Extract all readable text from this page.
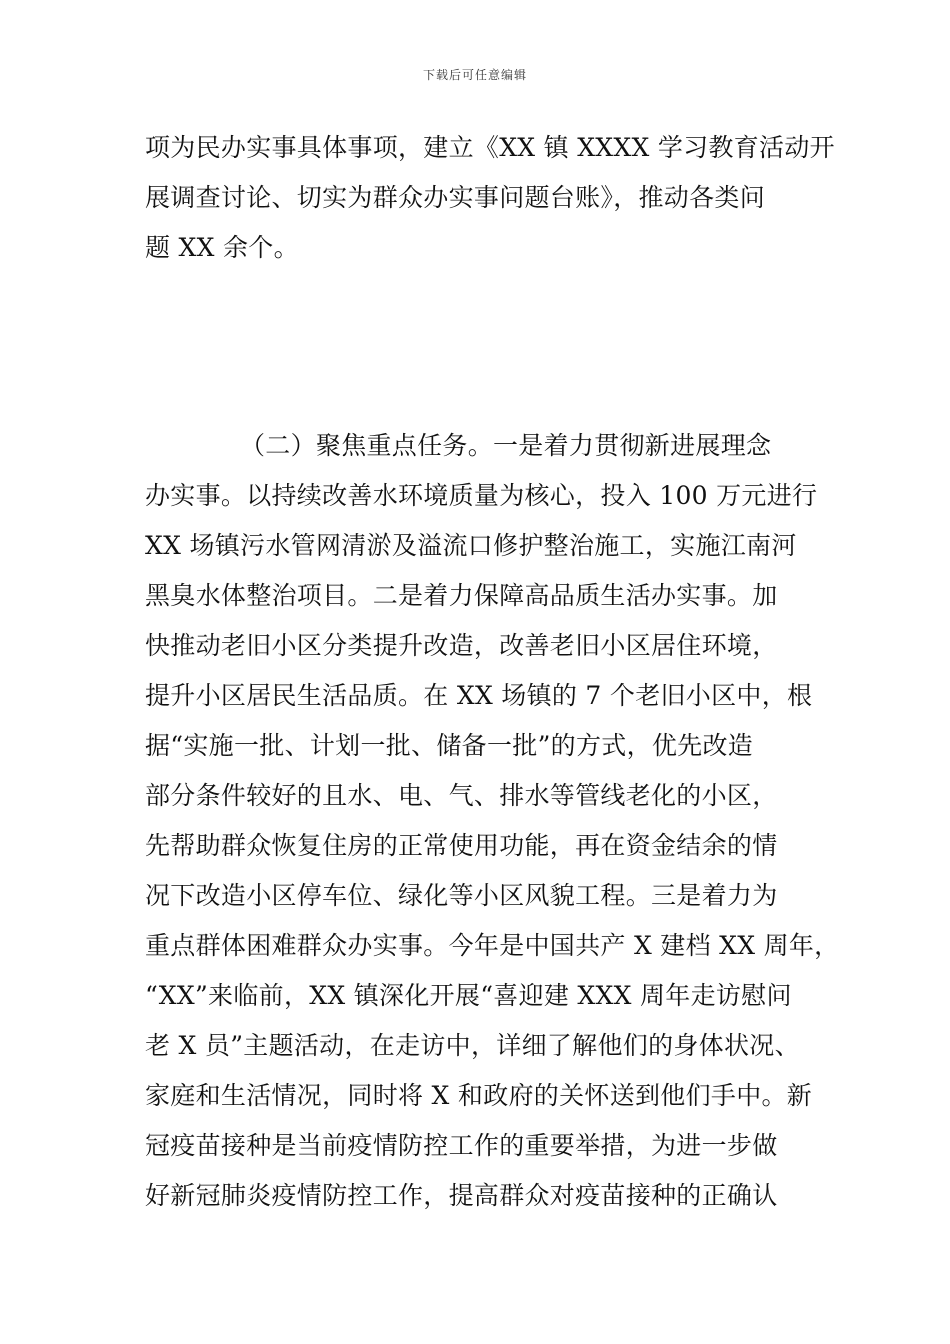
下载后可任意编辑
项为民办实事具体事项，建立《XX 镇 XXXX 学习教育活动开
展调查讨论、切实为群众办实事问题台账》，推动各类问
题 XX 余个。
（二）聚焦重点任务。一是着力贯彻新进展理念
办实事。以持续改善水环境质量为核心，投入 100 万元进行
XX 场镇污水管网清淤及溢流口修护整治施工，实施江南河
黑臭水体整治项目。二是着力保障高品质生活办实事。加
快推动老旧小区分类提升改造，改善老旧小区居住环境，
提升小区居民生活品质。在 XX 场镇的 7 个老旧小区中，根
据“实施一批、计划一批、储备一批”的方式，优先改造
部分条件较好的且水、电、气、排水等管线老化的小区，
先帮助群众恢复住房的正常使用功能，再在资金结余的情
况下改造小区停车位、绿化等小区风貌工程。三是着力为
重点群体困难群众办实事。今年是中国共产 X 建档 XX 周年，
“XX”来临前，XX 镇深化开展“喜迎建 XXX 周年走访慰问
老 X 员”主题活动，在走访中，详细了解他们的身体状况、
家庭和生活情况，同时将 X 和政府的关怀送到他们手中。新
冠疫苗接种是当前疫情防控工作的重要举措，为进一步做
好新冠肺炎疫情防控工作，提高群众对疫苗接种的正确认
